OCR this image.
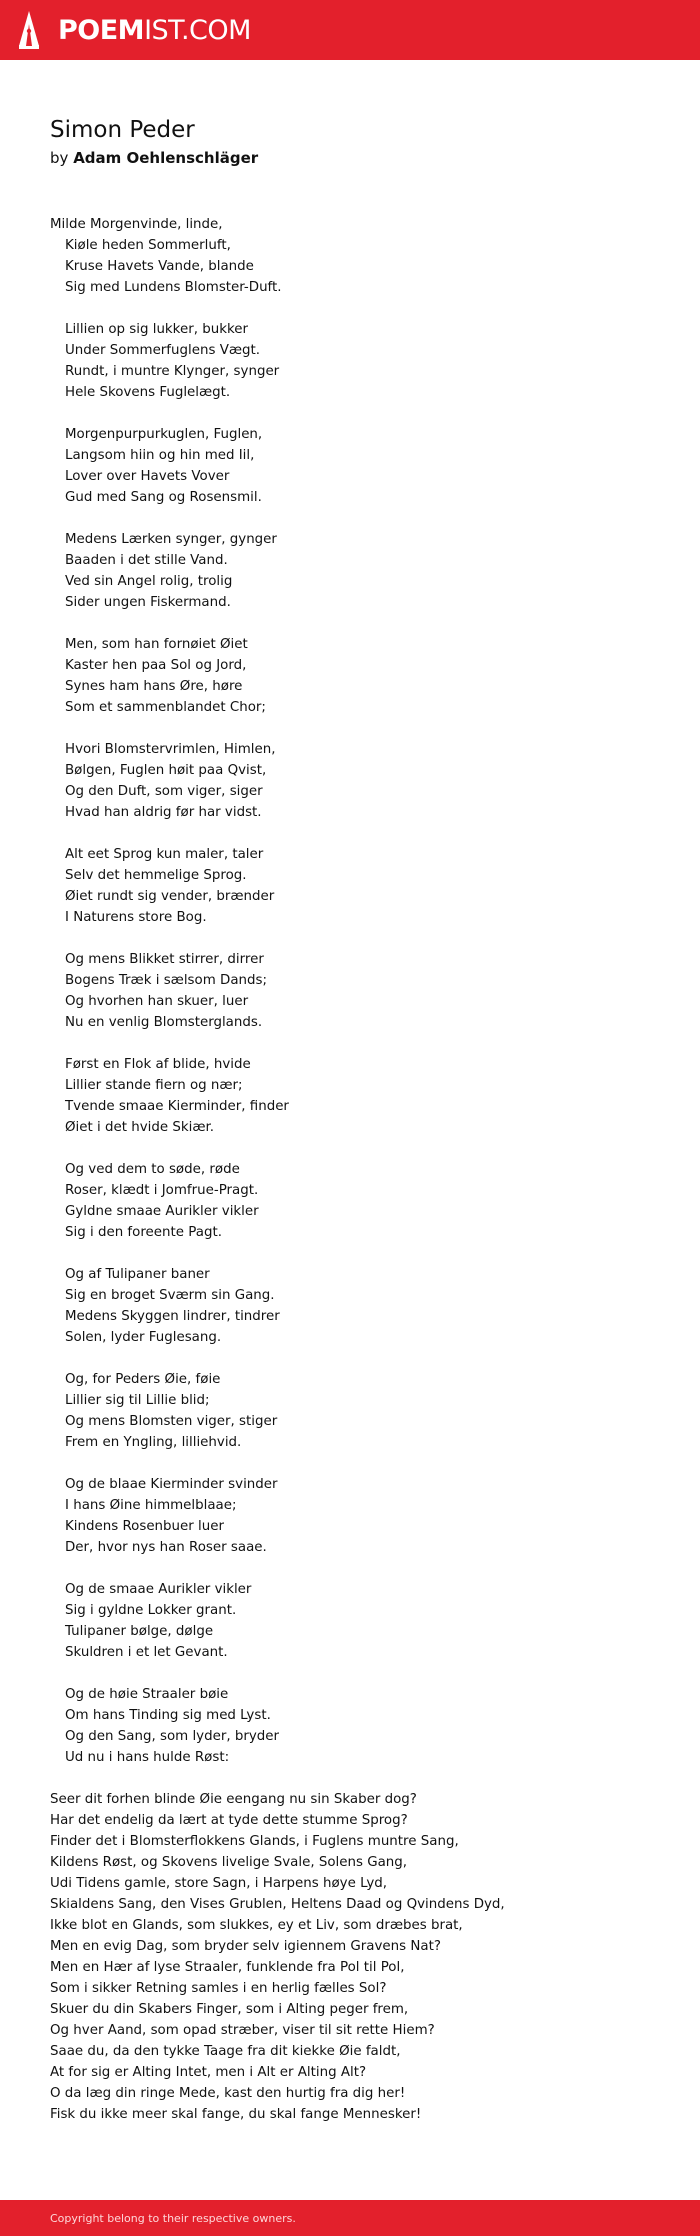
POEMIST.COM
Simon Peder
by Adam Oehlenschläger
Milde Morgenvinde, linde,
Kiøle heden Sommerluft,
Kruse Havets Vande, blande
Sig med Lundens Blomster-Duft.
Lillien op sig lukker, bukker
Under Sommerfuglens Vægt.
Rundt, i muntre Klynger, synger
Hele Skovens Fuglelægt.
Morgenpurpurkuglen, Fuglen,
Langsom hiin og hin med Iil,
Lover over Havets Vover
Gud med Sang og Rosensmil.
Medens Lærken synger, gynger
Baaden i det stille Vand.
Ved sin Angel rolig, trolig
Sider ungen Fiskermand.
Men, som han fornøiet Øiet
Kaster hen paa Sol og Jord,
Synes ham hans Øre, høre
Som et sammenblandet Chor;
Hvori Blomstervrimlen, Himlen,
Bølgen, Fuglen høit paa Qvist,
Og den Duft, som viger, siger
Hvad han aldrig før har vidst.
Alt eet Sprog kun maler, taler
Selv det hemmelige Sprog.
Øiet rundt sig vender, brænder
I Naturens store Bog.
Og mens Blikket stirrer, dirrer
Bogens Træk i sælsom Dands;
Og hvorhen han skuer, luer
Nu en venlig Blomsterglands.
Først en Flok af blide, hvide
Lillier stande fiern og nær;
Tvende smaae Kierminder, finder
Øiet i det hvide Skiær.
Og ved dem to søde, røde
Roser, klædt i Jomfrue-Pragt.
Gyldne smaae Aurikler vikler
Sig i den foreente Pagt.
Og af Tulipaner baner
Sig en broget Sværm sin Gang.
Medens Skyggen lindrer, tindrer
Solen, lyder Fuglesang.
Og, for Peders Øie, føie
Lillier sig til Lillie blid;
Og mens Blomsten viger, stiger
Frem en Yngling, lilliehvid.
Og de blaae Kierminder svinder
I hans Øine himmelblaae;
Kindens Rosenbuer luer
Der, hvor nys han Roser saae.
Og de smaae Aurikler vikler
Sig i gyldne Lokker grant.
Tulipaner bølge, dølge
Skuldren i et let Gevant.
Og de høie Straaler bøie
Om hans Tinding sig med Lyst.
Og den Sang, som lyder, bryder
Ud nu i hans hulde Røst:
Seer dit forhen blinde Øie eengang nu sin Skaber dog?
Har det endelig da lært at tyde dette stumme Sprog?
Finder det i Blomsterflokkens Glands, i Fuglens muntre Sang,
Kildens Røst, og Skovens livelige Svale, Solens Gang,
Udi Tidens gamle, store Sagn, i Harpens høye Lyd,
Skialdens Sang, den Vises Grublen, Heltens Daad og Qvindens Dyd,
Ikke blot en Glands, som slukkes, ey et Liv, som dræbes brat,
Men en evig Dag, som bryder selv igiennem Gravens Nat?
Men en Hær af lyse Straaler, funklende fra Pol til Pol,
Som i sikker Retning samles i en herlig fælles Sol?
Skuer du din Skabers Finger, som i Alting peger frem,
Og hver Aand, som opad stræber, viser til sit rette Hiem?
Saae du, da den tykke Taage fra dit kiekke Øie faldt,
At for sig er Alting Intet, men i Alt er Alting Alt?
O da læg din ringe Mede, kast den hurtig fra dig her!
Fisk du ikke meer skal fange, du skal fange Mennesker!
Copyright belong to their respective owners.
